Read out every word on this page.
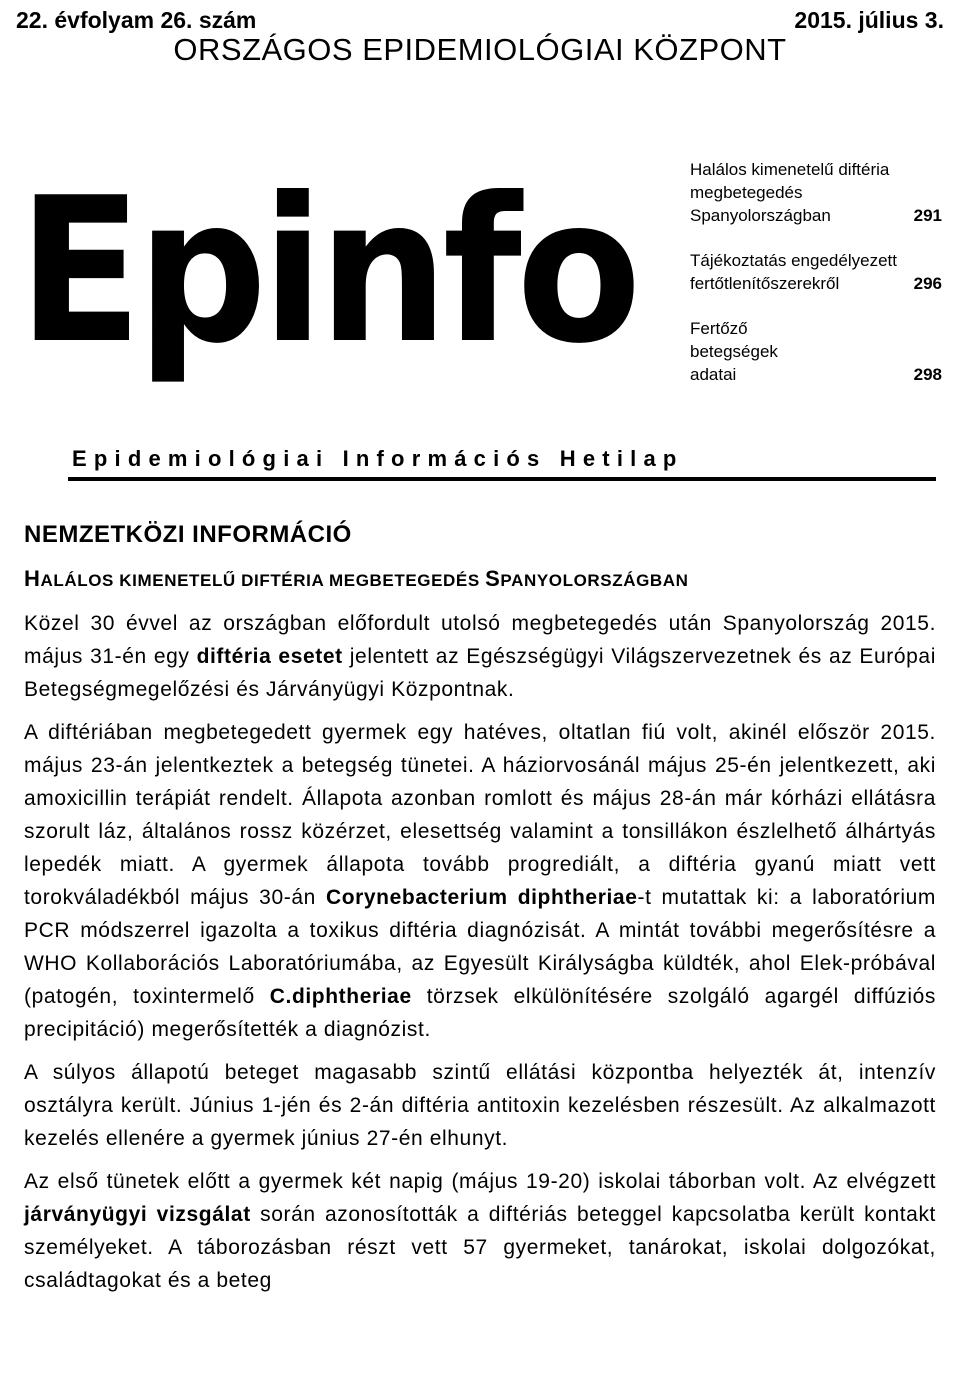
22. évfolyam 26. szám	2015. július 3.
ORSZÁGOS EPIDEMIOLÓGIAI KÖZPONT
Epinfo	Halálos kimenetelű diftéria
megbetegedés
Spanyolországban	291
Tájékoztatás engedélyezett
fertőtlenítőszerekről	296
Fertőző
betegségek
adatai	298
Epidemiológiai Információs Hetilap
NEMZETKÖZI INFORMÁCIÓ
HALÁLOS KIMENETELŰ DIFTÉRIA MEGBETEGEDÉS SPANYOLORSZÁGBAN

Közel 30 évvel az országban előfordult utolsó megbetegedés után Spanyolország 2015. május 31-én egy diftéria esetet jelentett az Egészségügyi Világszervezetnek és az Európai Betegségmegelőzési és Járványügyi Központnak.

A diftériában megbetegedett gyermek egy hatéves, oltatlan fiú volt, akinél először 2015. május 23-án jelentkeztek a betegség tünetei. A háziorvosánál május 25-én jelentkezett, aki amoxicillin terápiát rendelt. Állapota azonban romlott és május 28-án már kórházi ellátásra szorult láz, általános rossz közérzet, elesettség valamint a tonsillákon észlelhető álhártyás lepedék miatt. A gyermek állapota tovább progrediált, a diftéria gyanú miatt vett torokváladékból május 30-án Corynebacterium diphtheriae-t mutattak ki: a laboratórium PCR módszerrel igazolta a toxikus diftéria diagnózisát. A mintát további megerősítésre a WHO Kollaborációs Laboratóriumába, az Egyesült Királyságba küldték, ahol Elek-próbával (patogén, toxintermelő C.diphtheriae törzsek elkülönítésére szolgáló agargél diffúziós precipitáció) megerősítették a diagnózist.

A súlyos állapotú beteget magasabb szintű ellátási központba helyezték át, intenzív osztályra került. Június 1-jén és 2-án diftéria antitoxin kezelésben részesült. Az alkalmazott kezelés ellenére a gyermek június 27-én elhunyt.

Az első tünetek előtt a gyermek két napig (május 19-20) iskolai táborban volt. Az elvégzett járványügyi vizsgálat során azonosították a diftériás beteggel kapcsolatba került kontakt személyeket. A táborozásban részt vett 57 gyermeket, tanárokat, iskolai dolgozókat, családtagokat és a beteg
